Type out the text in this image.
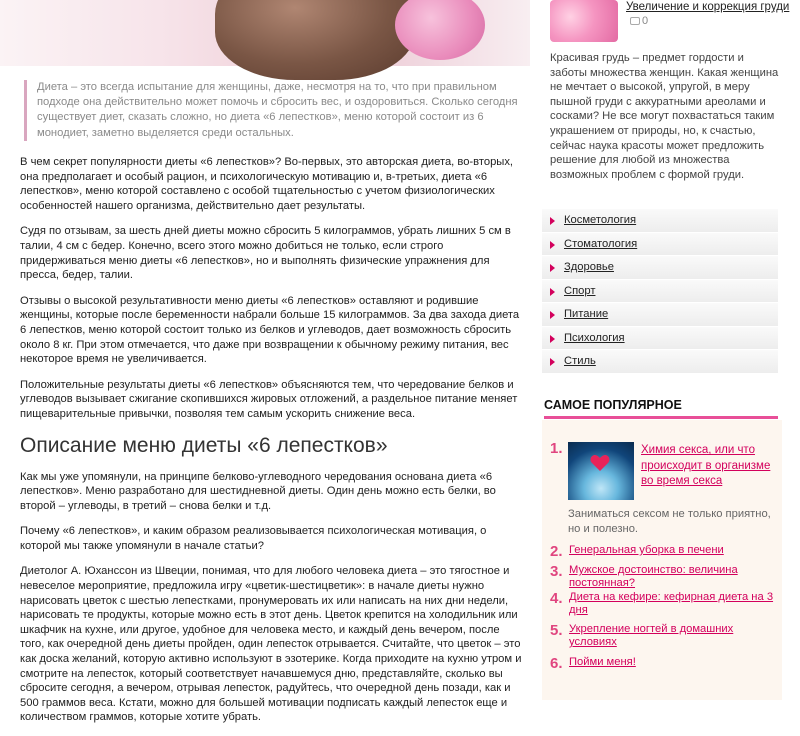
Диета – это всегда испытание для женщины, даже, несмотря на то, что при правильном подходе она действительно может помочь и сбросить вес, и оздоровиться. Сколько сегодня существует диет, сказать сложно, но диета «6 лепестков», меню которой состоит из 6 монодиет, заметно выделяется среди остальных.

В чем секрет популярности диеты «6 лепестков»? Во-первых, это авторская диета, во-вторых, она предполагает и особый рацион, и психологическую мотивацию и, в-третьих, диета «6 лепестков», меню которой составлено с особой тщательностью с учетом физиологических особенностей нашего организма, действительно дает результаты.

Судя по отзывам, за шесть дней диеты можно сбросить 5 килограммов, убрать лишних 5 см в талии, 4 см с бедер. Конечно, всего этого можно добиться не только, если строго придерживаться меню диеты «6 лепестков», но и выполнять физические упражнения для пресса, бедер, талии.

Отзывы о высокой результативности меню диеты «6 лепестков» оставляют и родившие женщины, которые после беременности набрали больше 15 килограммов. За два захода диета 6 лепестков, меню которой состоит только из белков и углеводов, дает возможность сбросить около 8 кг. При этом отмечается, что даже при возвращении к обычному режиму питания, вес некоторое время не увеличивается.

Положительные результаты диеты «6 лепестков» объясняются тем, что чередование белков и углеводов вызывает сжигание скопившихся жировых отложений, а раздельное питание меняет пищеварительные привычки, позволяя тем самым ускорить снижение веса.

Описание меню диеты «6 лепестков»

Как мы уже упомянули, на принципе белково-углеводного чередования основана диета «6 лепестков». Меню разработано для шестидневной диеты. Один день можно есть белки, во второй – углеводы, в третий – снова белки и т.д.

Почему «6 лепестков», и каким образом реализовывается психологическая мотивация, о которой мы также упомянули в начале статьи?

Диетолог А. Юханссон из Швеции, понимая, что для любого человека диета – это тягостное и невеселое мероприятие, предложила игру «цветик-шестицветик»: в начале диеты нужно нарисовать цветок с шестью лепестками, пронумеровать их или написать на них дни недели, нарисовать те продукты, которые можно есть в этот день. Цветок крепится на холодильник или шкафчик на кухне, или другое, удобное для человека место, и каждый день вечером, после того, как очередной день диеты пройден, один лепесток отрывается. Считайте, что цветок – это как доска желаний, которую активно используют в эзотерике. Когда приходите на кухню утром и смотрите на лепесток, который соответствует начавшемуся дню, представляйте, сколько вы сбросите сегодня, а вечером, отрывая лепесток, радуйтесь, что очередной день позади, как и 500 граммов веса. Кстати, можно для большей мотивации подписать каждый лепесток еще и количеством граммов, которые хотите убрать.

Увеличение и коррекция груди 0
Красивая грудь – предмет гордости и заботы множества женщин. Какая женщина не мечтает о высокой, упругой, в меру пышной груди с аккуратными ареолами и сосками? Не все могут похвастаться таким украшением от природы, но, к счастью, сейчас наука красоты может предложить решение для любой из множества возможных проблем с формой груди.
Косметология
Стоматология
Здоровье
Спорт
Питание
Психология
Стиль
САМОЕ ПОПУЛЯРНОЕ
1.	Химия секса, или что происходит в организме во время секса
Заниматься сексом не только приятно, но и полезно.
2. Генеральная уборка в печени
3. Мужское достоинство: величина постоянная?
4. Диета на кефире: кефирная диета на 3 дня
5. Укрепление ногтей в домашних условиях
6. Пойми меня!
